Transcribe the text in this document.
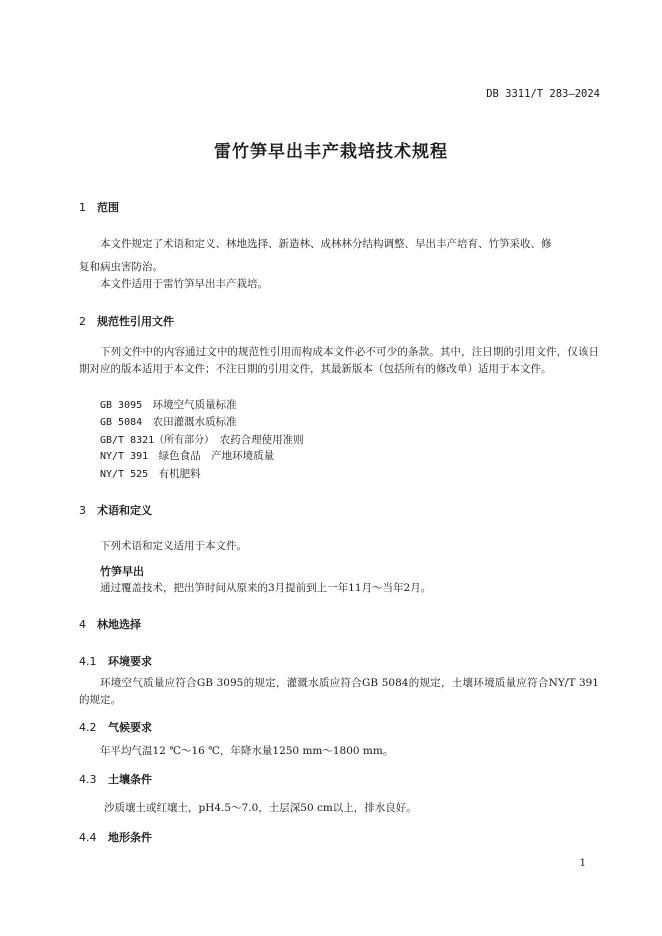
DB 3311/T 283—2024
雷竹笋早出丰产栽培技术规程
1 范围
本文件规定了术语和定义、林地选择、新造林、成林林分结构调整、早出丰产培育、竹笋采收、修
复和病虫害防治。
本文件适用于雷竹笋早出丰产栽培。
2 规范性引用文件
下列文件中的内容通过文中的规范性引用而构成本文件必不可少的条款。其中，注日期的引用文件，仅该日期对应的版本适用于本文件；不注日期的引用文件，其最新版本（包括所有的修改单）适用于本文件。
GB 3095　 环境空气质量标准
GB 5084　 农田灌溉水质标准
GB/T 8321（所有部分）　 农药合理使用准则
NY/T 391　 绿色食品　产地环境质量
NY/T 525　 有机肥料
3 术语和定义
下列术语和定义适用于本文件。
竹笋早出
通过覆盖技术，把出笋时间从原来的3月提前到上一年11月～当年2月。
4 林地选择
4.1 环境要求
环境空气质量应符合GB 3095的规定，灌溉水质应符合GB 5084的规定，土壤环境质量应符合NY/T 391的规定。
4.2 气候要求
年平均气温12 ℃～16 ℃，年降水量1250 mm～1800 mm。
4.3 土壤条件
沙质壤土或红壤土，pH4.5～7.0，土层深50 cm以上，排水良好。
4.4 地形条件
1
